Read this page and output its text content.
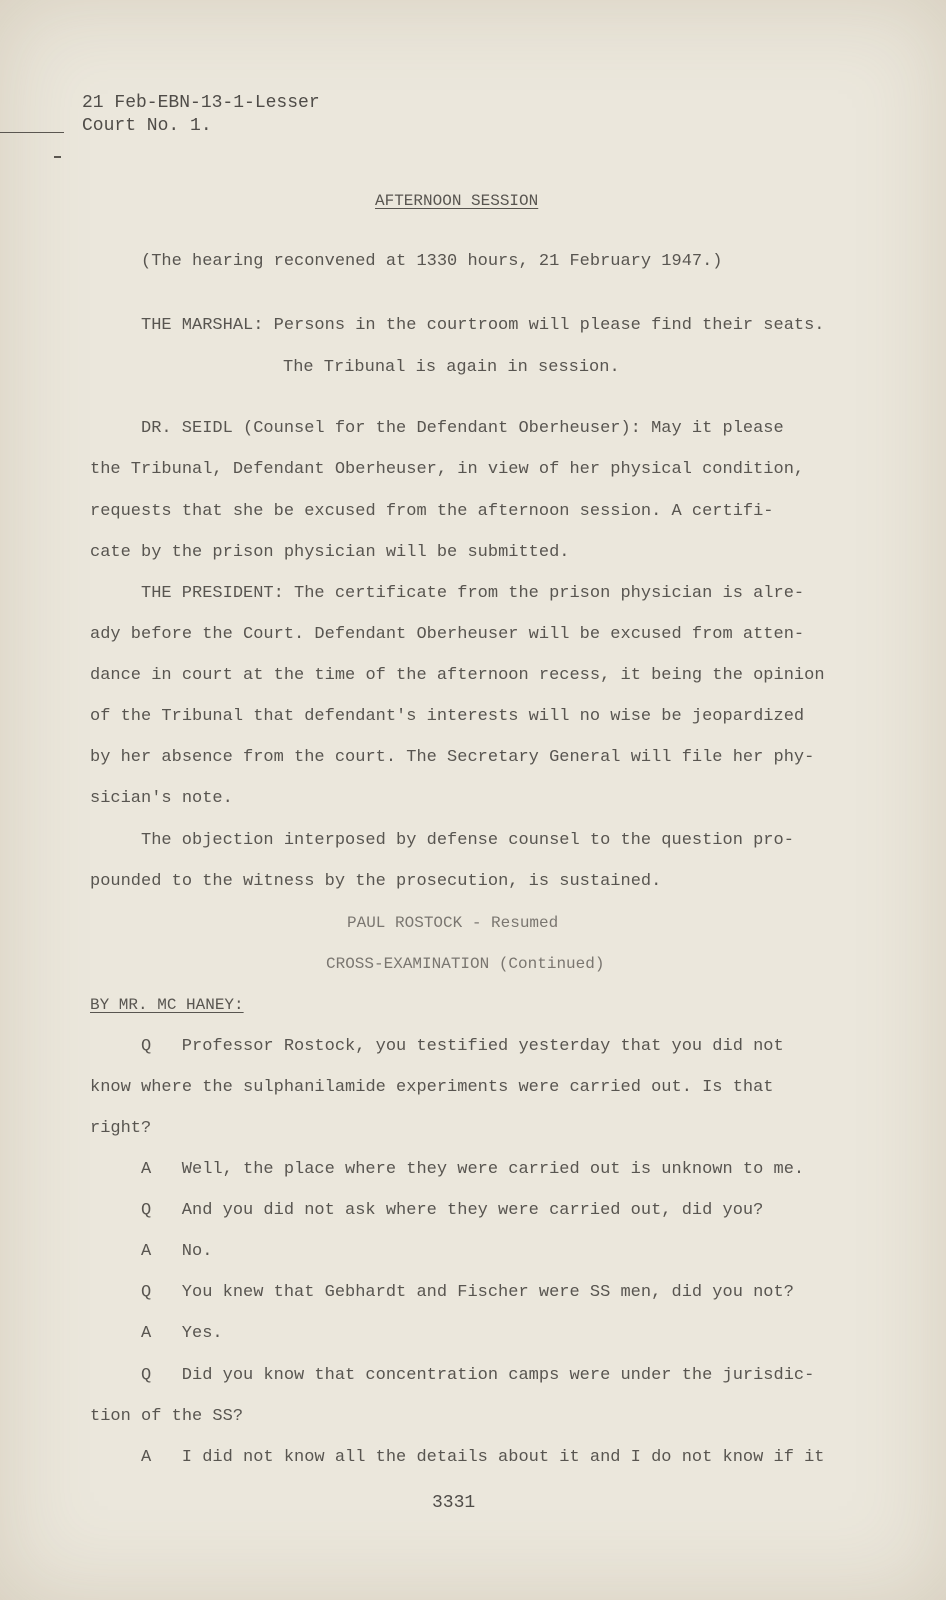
21 Feb-EBN-13-1-Lesser
Court No. 1.
AFTERNOON SESSION
(The hearing reconvened at 1330 hours, 21 February 1947.)
THE MARSHAL: Persons in the courtroom will please find their seats.
The Tribunal is again in session.
DR. SEIDL (Counsel for the Defendant Oberheuser): May it please
the Tribunal, Defendant Oberheuser, in view of her physical condition,
requests that she be excused from the afternoon session. A certifi-
cate by the prison physician will be submitted.
THE PRESIDENT: The certificate from the prison physician is alre-
ady before the Court. Defendant Oberheuser will be excused from atten-
dance in court at the time of the afternoon recess, it being the opinion
of the Tribunal that defendant's interests will no wise be jeopardized
by her absence from the court. The Secretary General will file her phy-
sician's note.
The objection interposed by defense counsel to the question pro-
pounded to the witness by the prosecution, is sustained.
PAUL ROSTOCK - Resumed
CROSS-EXAMINATION (Continued)
BY MR. MC HANEY:
Q   Professor Rostock, you testified yesterday that you did not
know where the sulphanilamide experiments were carried out. Is that
right?
A   Well, the place where they were carried out is unknown to me.
Q   And you did not ask where they were carried out, did you?
A   No.
Q   You knew that Gebhardt and Fischer were SS men, did you not?
A   Yes.
Q   Did you know that concentration camps were under the jurisdic-
tion of the SS?
A   I did not know all the details about it and I do not know if it
3331
